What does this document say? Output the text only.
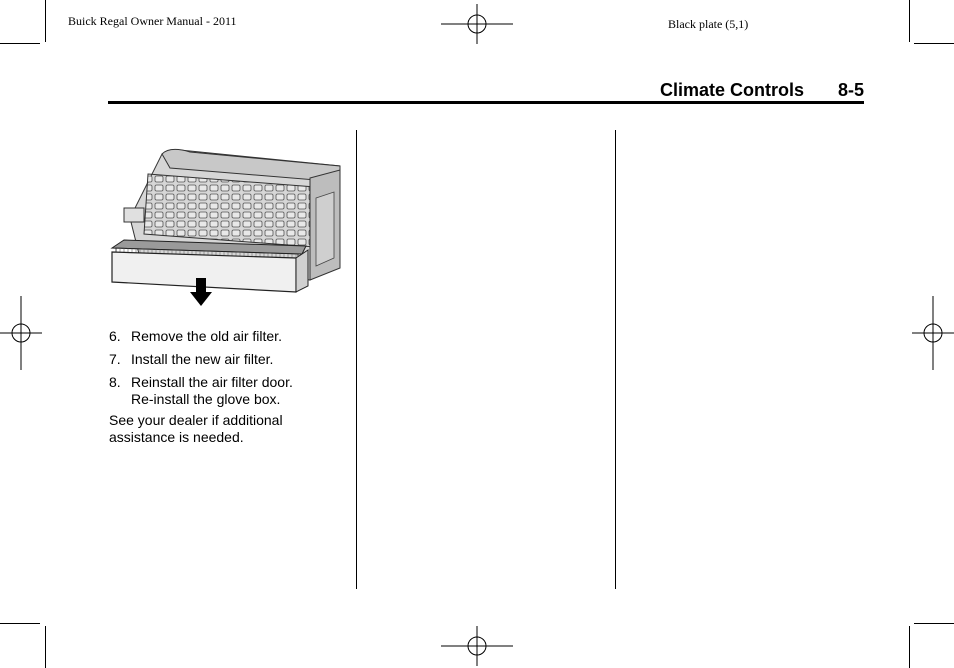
Buick Regal Owner Manual - 2011	Black plate (5,1)
Climate Controls 8-5
6. Remove the old air filter.
7. Install the new air filter.
8. Reinstall the air filter door. Re-install the glove box.
See your dealer if additional assistance is needed.
